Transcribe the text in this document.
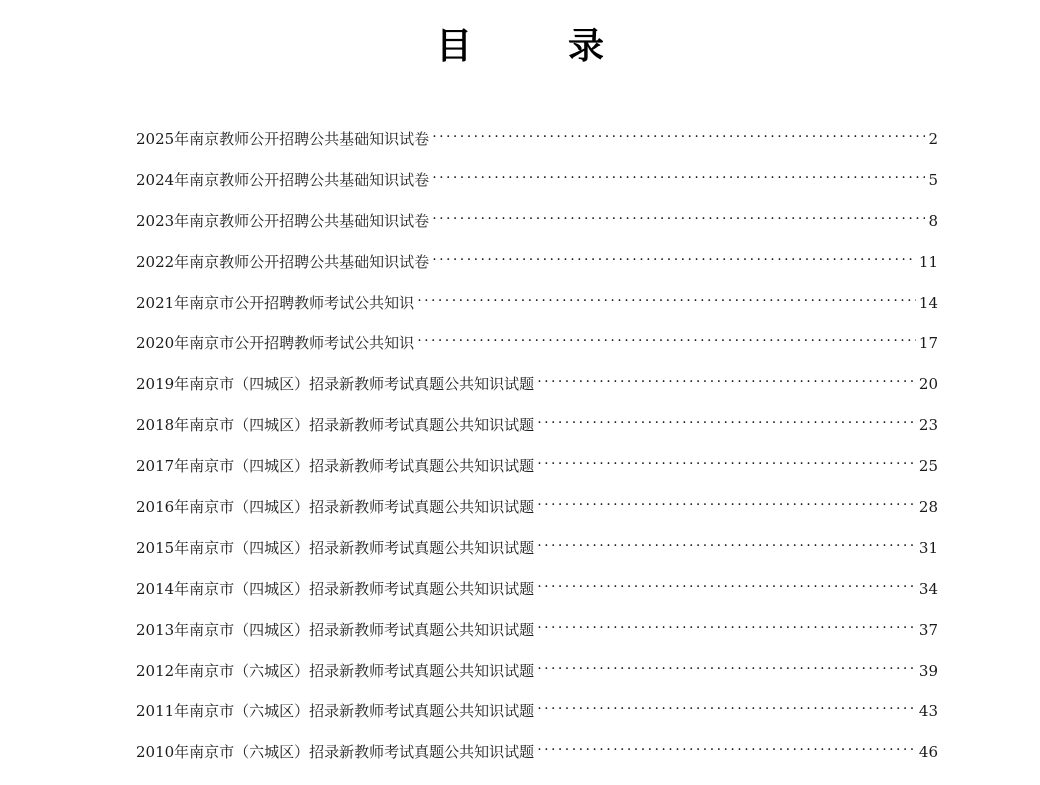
目　录
2025年南京教师公开招聘公共基础知识试卷 . . .	2
2024年南京教师公开招聘公共基础知识试卷 . . .	5
2023年南京教师公开招聘公共基础知识试卷 . . .	8
2022年南京教师公开招聘公共基础知识试卷 . . .	11
2021年南京市公开招聘教师考试公共知识 . . .	14
2020年南京市公开招聘教师考试公共知识 . . .	17
2019年南京市（四城区）招录新教师考试真题公共知识试题 . . .	20
2018年南京市（四城区）招录新教师考试真题公共知识试题 . . .	23
2017年南京市（四城区）招录新教师考试真题公共知识试题 . . .	25
2016年南京市（四城区）招录新教师考试真题公共知识试题 . . .	28
2015年南京市（四城区）招录新教师考试真题公共知识试题 . . .	31
2014年南京市（四城区）招录新教师考试真题公共知识试题 . . .	34
2013年南京市（四城区）招录新教师考试真题公共知识试题 . . .	37
2012年南京市（六城区）招录新教师考试真题公共知识试题 . . .	39
2011年南京市（六城区）招录新教师考试真题公共知识试题 . . .	43
2010年南京市（六城区）招录新教师考试真题公共知识试题 . . .	46
